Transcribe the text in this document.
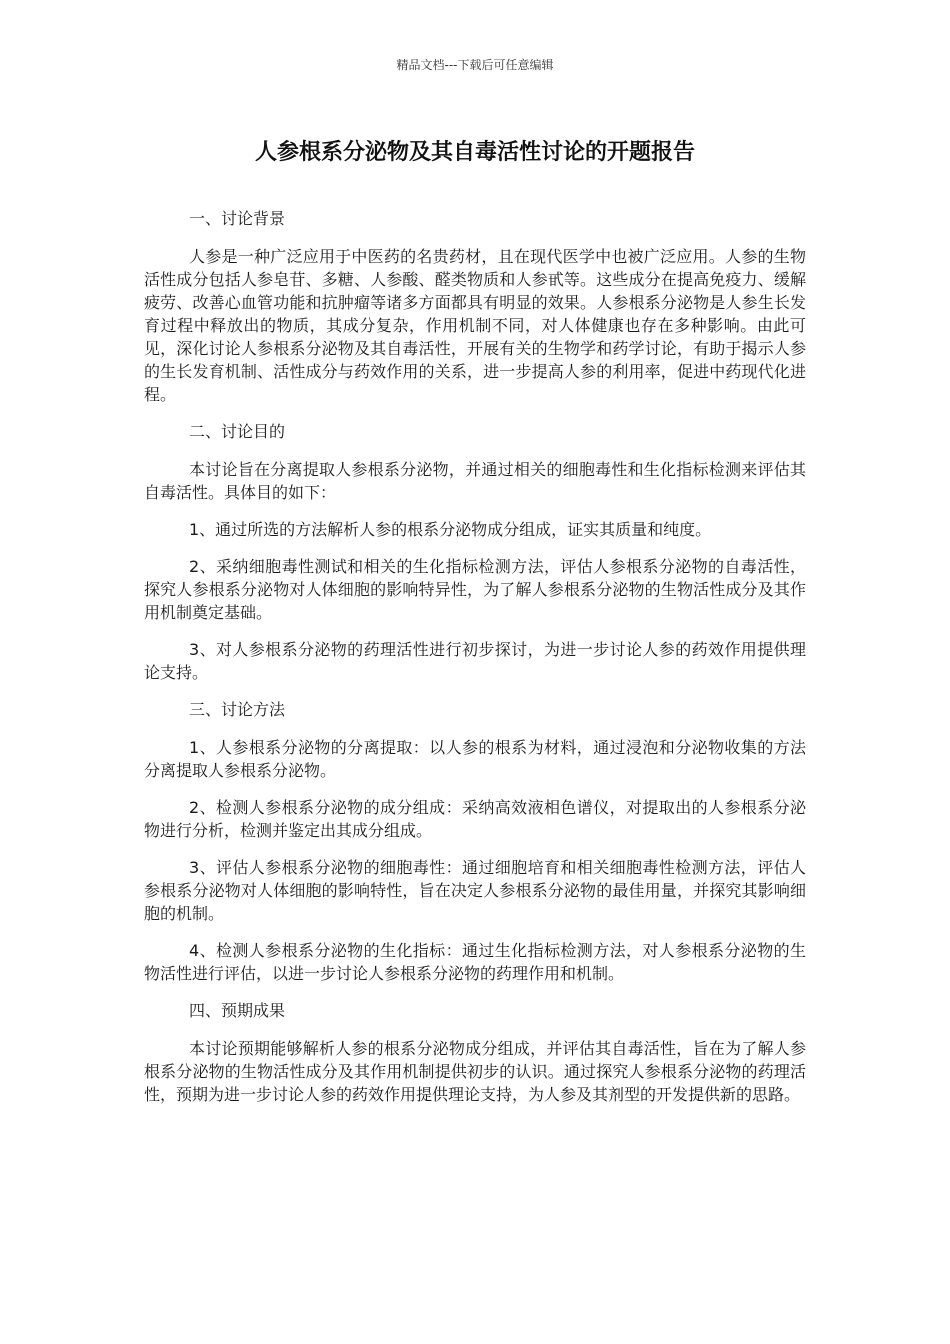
精品文档---下载后可任意编辑
人参根系分泌物及其自毒活性讨论的开题报告

一、讨论背景

人参是一种广泛应用于中医药的名贵药材，且在现代医学中也被广泛应用。人参的生物活性成分包括人参皂苷、多糖、人参酸、醛类物质和人参甙等。这些成分在提高免疫力、缓解疲劳、改善心血管功能和抗肿瘤等诸多方面都具有明显的效果。人参根系分泌物是人参生长发育过程中释放出的物质，其成分复杂，作用机制不同，对人体健康也存在多种影响。由此可见，深化讨论人参根系分泌物及其自毒活性，开展有关的生物学和药学讨论，有助于揭示人参的生长发育机制、活性成分与药效作用的关系，进一步提高人参的利用率，促进中药现代化进程。

二、讨论目的

本讨论旨在分离提取人参根系分泌物，并通过相关的细胞毒性和生化指标检测来评估其自毒活性。具体目的如下：

1、通过所选的方法解析人参的根系分泌物成分组成，证实其质量和纯度。

2、采纳细胞毒性测试和相关的生化指标检测方法，评估人参根系分泌物的自毒活性，探究人参根系分泌物对人体细胞的影响特异性，为了解人参根系分泌物的生物活性成分及其作用机制奠定基础。

3、对人参根系分泌物的药理活性进行初步探讨，为进一步讨论人参的药效作用提供理论支持。

三、讨论方法

1、人参根系分泌物的分离提取：以人参的根系为材料，通过浸泡和分泌物收集的方法分离提取人参根系分泌物。

2、检测人参根系分泌物的成分组成：采纳高效液相色谱仪，对提取出的人参根系分泌物进行分析，检测并鉴定出其成分组成。

3、评估人参根系分泌物的细胞毒性：通过细胞培育和相关细胞毒性检测方法，评估人参根系分泌物对人体细胞的影响特性，旨在决定人参根系分泌物的最佳用量，并探究其影响细胞的机制。

4、检测人参根系分泌物的生化指标：通过生化指标检测方法，对人参根系分泌物的生物活性进行评估，以进一步讨论人参根系分泌物的药理作用和机制。

四、预期成果

本讨论预期能够解析人参的根系分泌物成分组成，并评估其自毒活性，旨在为了解人参根系分泌物的生物活性成分及其作用机制提供初步的认识。通过探究人参根系分泌物的药理活性，预期为进一步讨论人参的药效作用提供理论支持，为人参及其剂型的开发提供新的思路。
